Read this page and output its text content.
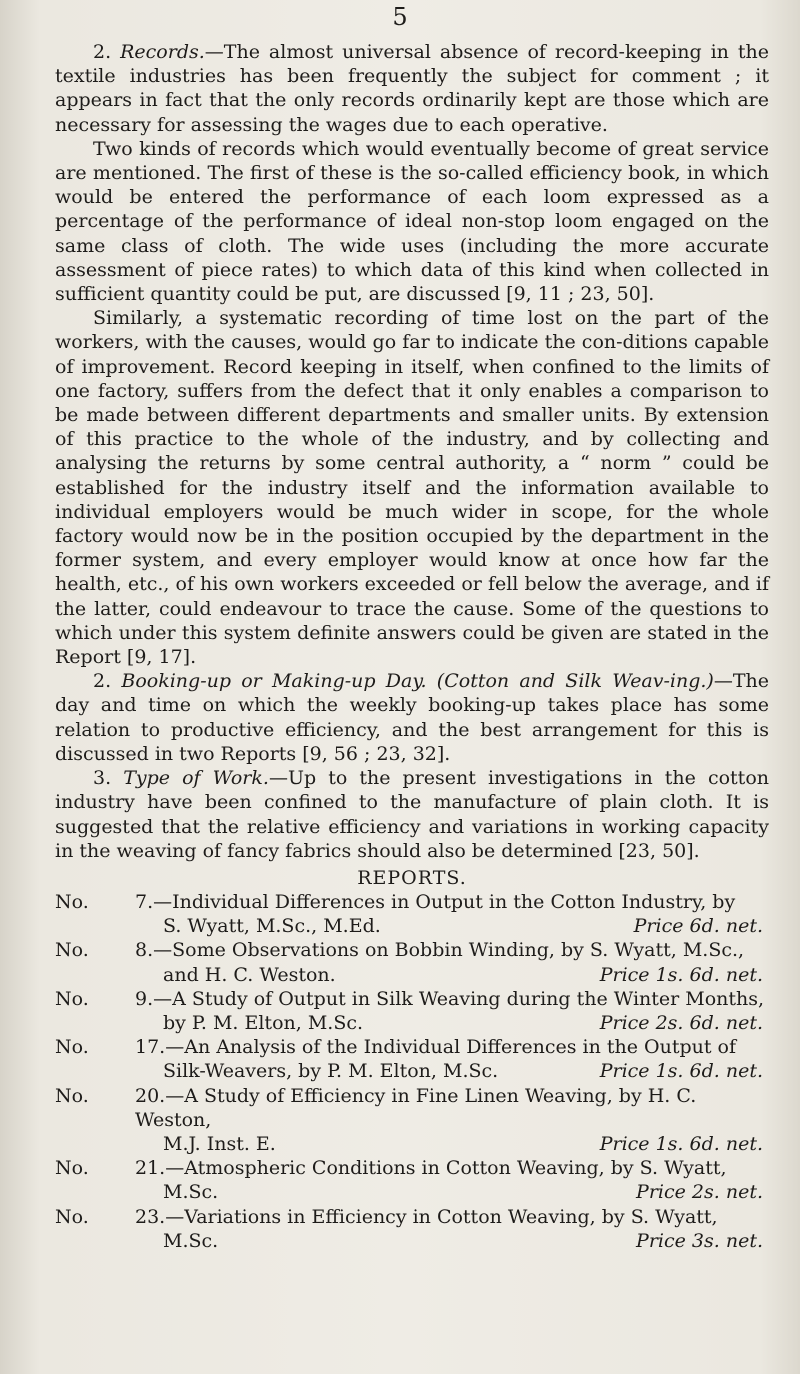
5

2. Records.—The almost universal absence of record-keeping in the textile industries has been frequently the subject for comment ; it appears in fact that the only records ordinarily kept are those which are necessary for assessing the wages due to each operative.

Two kinds of records which would eventually become of great service are mentioned. The first of these is the so-called efficiency book, in which would be entered the performance of each loom expressed as a percentage of the performance of ideal non-stop loom engaged on the same class of cloth. The wide uses (including the more accurate assessment of piece rates) to which data of this kind when collected in sufficient quantity could be put, are discussed [9, 11 ; 23, 50].

Similarly, a systematic recording of time lost on the part of the workers, with the causes, would go far to indicate the con-ditions capable of improvement. Record keeping in itself, when confined to the limits of one factory, suffers from the defect that it only enables a comparison to be made between different departments and smaller units. By extension of this practice to the whole of the industry, and by collecting and analysing the returns by some central authority, a “ norm ” could be established for the industry itself and the information available to individual employers would be much wider in scope, for the whole factory would now be in the position occupied by the department in the former system, and every employer would know at once how far the health, etc., of his own workers exceeded or fell below the average, and if the latter, could endeavour to trace the cause. Some of the questions to which under this system definite answers could be given are stated in the Report [9, 17].

2. Booking-up or Making-up Day. (Cotton and Silk Weav-ing.)—The day and time on which the weekly booking-up takes place has some relation to productive efficiency, and the best arrangement for this is discussed in two Reports [9, 56 ; 23, 32].

3. Type of Work.—Up to the present investigations in the cotton industry have been confined to the manufacture of plain cloth. It is suggested that the relative efficiency and variations in working capacity in the weaving of fancy fabrics should also be determined [23, 50].

REPORTS.
No. 7.—Individual Differences in Output in the Cotton Industry, by
S. Wyatt, M.Sc., M.Ed.	Price 6d. net.
No. 8.—Some Observations on Bobbin Winding, by S. Wyatt, M.Sc.,
and H. C. Weston.	Price 1s. 6d. net.
No. 9.—A Study of Output in Silk Weaving during the Winter Months,
by P. M. Elton, M.Sc.	Price 2s. 6d. net.
No. 17.—An Analysis of the Individual Differences in the Output of
Silk-Weavers, by P. M. Elton, M.Sc.	Price 1s. 6d. net.
No. 20.—A Study of Efficiency in Fine Linen Weaving, by H. C. Weston,
M.J. Inst. E.	Price 1s. 6d. net.
No. 21.—Atmospheric Conditions in Cotton Weaving, by S. Wyatt,
M.Sc.	Price 2s. net.
No. 23.—Variations in Efficiency in Cotton Weaving, by S. Wyatt,
M.Sc.	Price 3s. net.
